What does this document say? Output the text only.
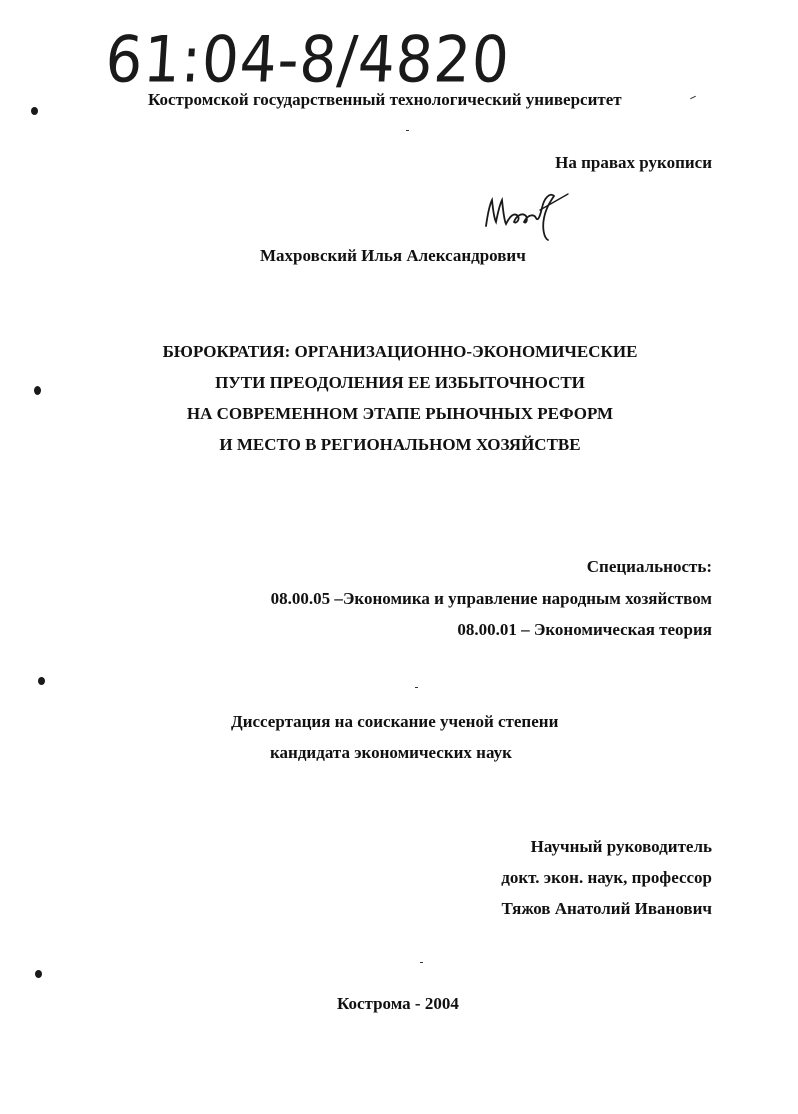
61:04-8/4820
Костромской государственный технологический университет
На правах рукописи
Махровский Илья Александрович
БЮРОКРАТИЯ: ОРГАНИЗАЦИОННО-ЭКОНОМИЧЕСКИЕ
ПУТИ ПРЕОДОЛЕНИЯ ЕЕ ИЗБЫТОЧНОСТИ
НА СОВРЕМЕННОМ ЭТАПЕ РЫНОЧНЫХ РЕФОРМ
И МЕСТО В РЕГИОНАЛЬНОМ ХОЗЯЙСТВЕ
Специальность:
08.00.05 –Экономика и управление народным хозяйством
08.00.01 – Экономическая теория
Диссертация на соискание ученой степени
кандидата экономических наук
Научный руководитель
докт. экон. наук, профессор
Тяжов Анатолий Иванович
Кострома - 2004
